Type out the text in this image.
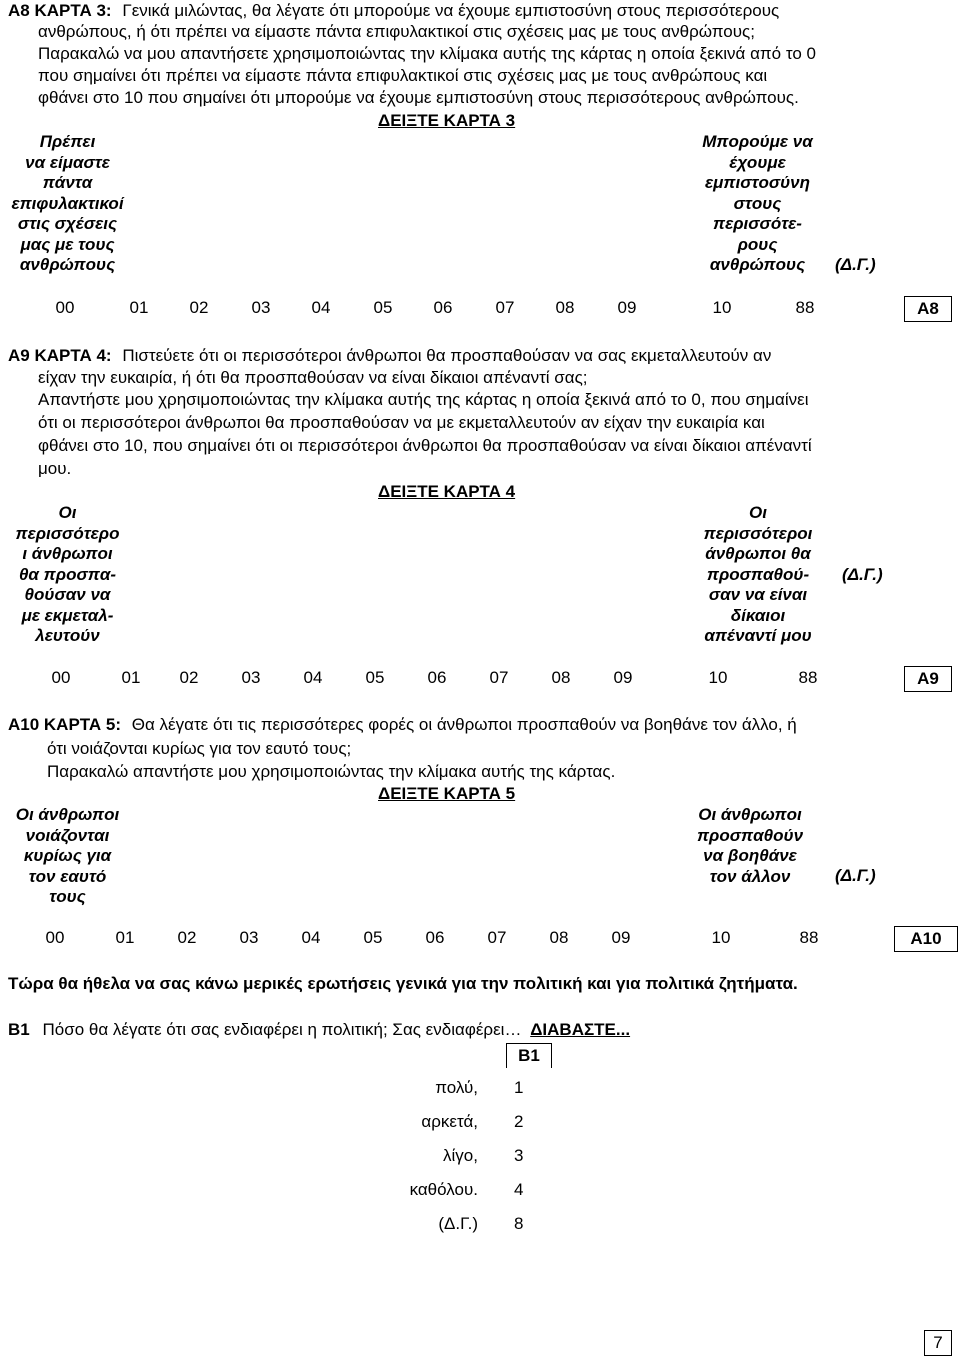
A8 ΚΑΡΤΑ 3: Γενικά μιλώντας, θα λέγατε ότι μπορούμε να έχουμε εμπιστοσύνη στους περισσότερους
ανθρώπους, ή ότι πρέπει να είμαστε πάντα επιφυλακτικοί στις σχέσεις μας με τους ανθρώπους;
Παρακαλώ να μου απαντήσετε χρησιμοποιώντας την κλίμακα αυτής της κάρτας η οποία ξεκινά από το 0
που σημαίνει ότι πρέπει να είμαστε πάντα επιφυλακτικοί στις σχέσεις μας με τους ανθρώπους και
φθάνει στο 10 που σημαίνει ότι μπορούμε να έχουμε εμπιστοσύνη στους περισσότερους ανθρώπους.
ΔΕΙΞΤΕ ΚΑΡΤΑ 3
Πρέπει
να είμαστε
πάντα
επιφυλακτικοί
στις σχέσεις
μας με τους
ανθρώπους
Μπορούμε να
έχουμε
εμπιστοσύνη
στους
περισσότε-
ρους
ανθρώπους	(Δ.Γ.)
00	01	02	03	04	05	06	07	08	09	10	88	A8
A9 ΚΑΡΤΑ 4: Πιστεύετε ότι οι περισσότεροι άνθρωποι θα προσπαθούσαν να σας εκμεταλλευτούν αν
είχαν την ευκαιρία, ή ότι θα προσπαθούσαν να είναι δίκαιοι απέναντί σας;
Απαντήστε μου χρησιμοποιώντας την κλίμακα αυτής της κάρτας η οποία ξεκινά από το 0, που σημαίνει
ότι οι περισσότεροι άνθρωποι θα προσπαθούσαν να με εκμεταλλευτούν αν είχαν την ευκαιρία και
φθάνει στο 10, που σημαίνει ότι οι περισσότεροι άνθρωποι θα προσπαθούσαν να είναι δίκαιοι απέναντί
μου.
ΔΕΙΞΤΕ ΚΑΡΤΑ 4
Οι
περισσότερο
ι άνθρωποι
θα προσπα-
θούσαν να
με εκμεταλ-
λευτούν
Οι
περισσότεροι
άνθρωποι θα
προσπαθού-
σαν να είναι
δίκαιοι
απέναντί μου
(Δ.Γ.)
00	01	02	03	04	05	06	07	08	09	10	88	A9
A10 ΚΑΡΤΑ 5: Θα λέγατε ότι τις περισσότερες φορές οι άνθρωποι προσπαθούν να βοηθάνε τον άλλο, ή
ότι νοιάζονται κυρίως για τον εαυτό τους;
Παρακαλώ απαντήστε μου χρησιμοποιώντας την κλίμακα αυτής της κάρτας.
ΔΕΙΞΤΕ ΚΑΡΤΑ 5
Οι άνθρωποι
νοιάζονται
κυρίως για
τον εαυτό
τους
Οι άνθρωποι
προσπαθούν
να βοηθάνε
τον άλλον	(Δ.Γ.)
00	01	02	03	04	05	06	07	08	09	10	88	A10
Τώρα θα ήθελα να σας κάνω μερικές ερωτήσεις γενικά για την πολιτική και για πολιτικά ζητήματα.
B1 Πόσο θα λέγατε ότι σας ενδιαφέρει η πολιτική; Σας ενδιαφέρει… ΔΙΑΒΑΣΤΕ...
B1
πολύ, 1
αρκετά, 2
λίγο, 3
καθόλου. 4
(Δ.Γ.) 8
7
